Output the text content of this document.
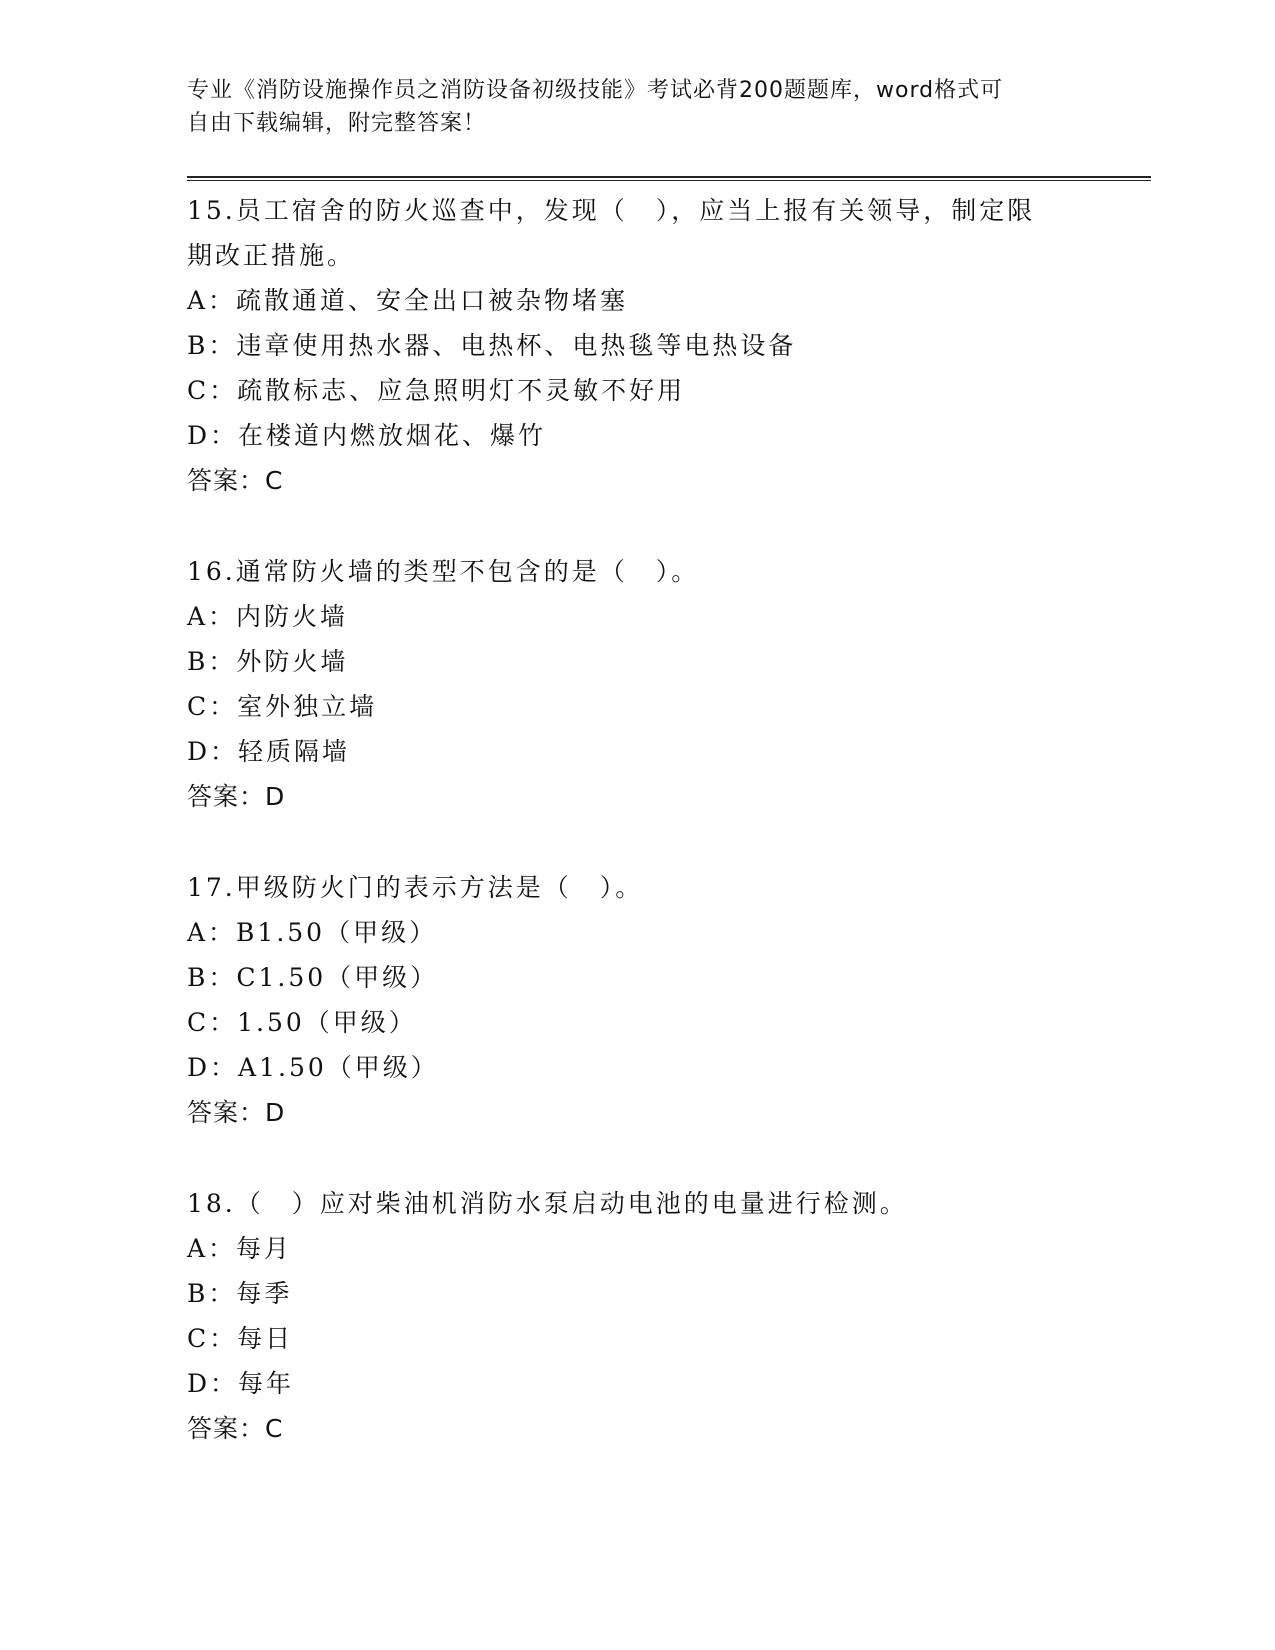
专业《消防设施操作员之消防设备初级技能》考试必背200题题库，word格式可
自由下载编辑，附完整答案！
15.员工宿舍的防火巡查中，发现（　），应当上报有关领导，制定限
期改正措施。
A：疏散通道、安全出口被杂物堵塞
B：违章使用热水器、电热杯、电热毯等电热设备
C：疏散标志、应急照明灯不灵敏不好用
D：在楼道内燃放烟花、爆竹
答案：C
16.通常防火墙的类型不包含的是（　）。
A：内防火墙
B：外防火墙
C：室外独立墙
D：轻质隔墙
答案：D
17.甲级防火门的表示方法是（　）。
A：B1.50（甲级）
B：C1.50（甲级）
C：1.50（甲级）
D：A1.50（甲级）
答案：D
18.（　）应对柴油机消防水泵启动电池的电量进行检测。
A：每月
B：每季
C：每日
D：每年
答案：C
